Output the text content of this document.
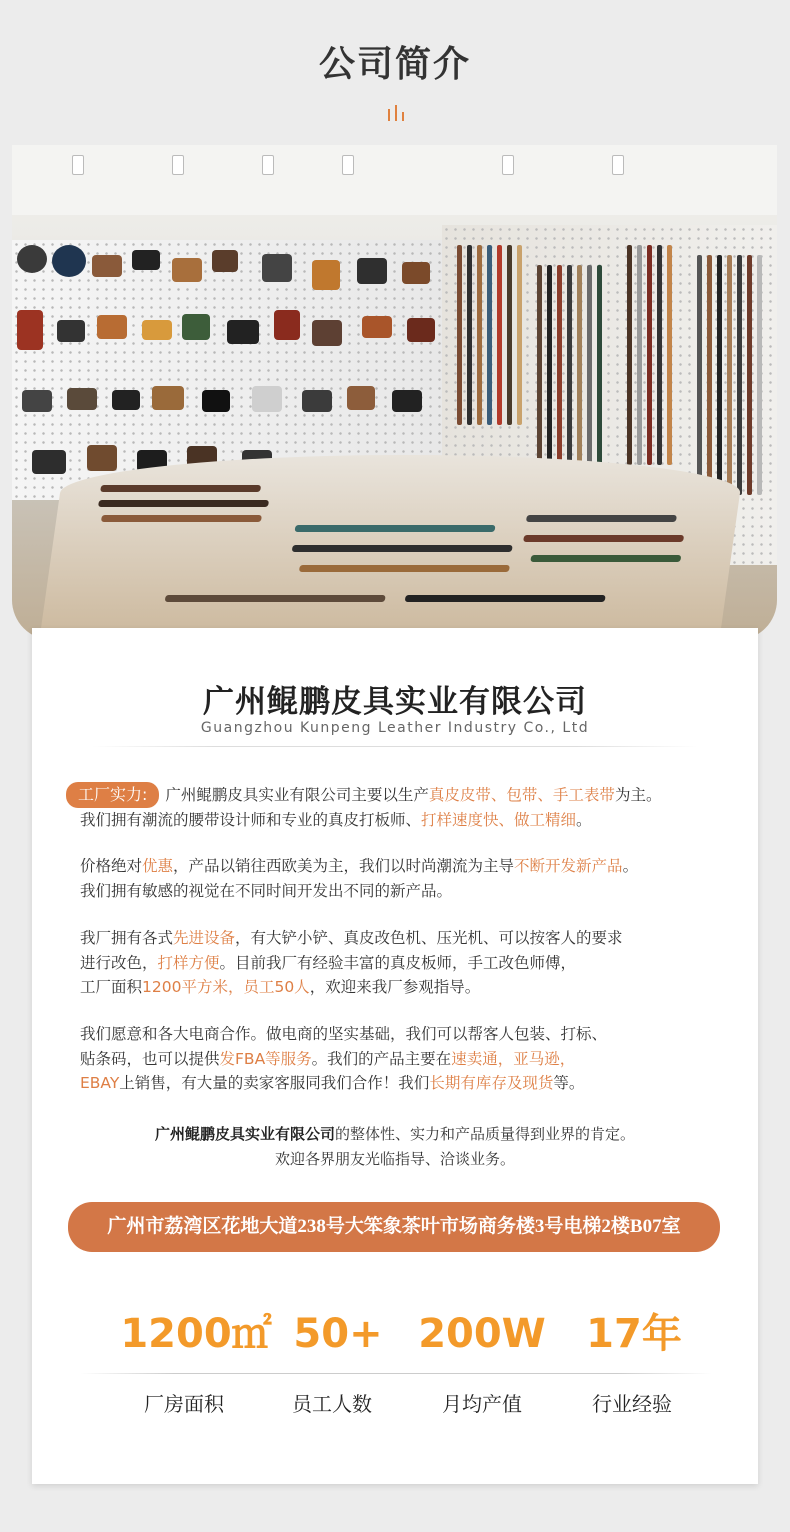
公司简介
广州鲲鹏皮具实业有限公司
Guangzhou Kunpeng Leather Industry Co., Ltd
工厂实力: 广州鲲鹏皮具实业有限公司主要以生产真皮皮带、包带、手工表带为主。
我们拥有潮流的腰带设计师和专业的真皮打板师、打样速度快、做工精细。
价格绝对优惠，产品以销往西欧美为主，我们以时尚潮流为主导不断开发新产品。
我们拥有敏感的视觉在不同时间开发出不同的新产品。
我厂拥有各式先进设备，有大铲小铲、真皮改色机、压光机、可以按客人的要求
进行改色，打样方便。目前我厂有经验丰富的真皮板师，手工改色师傅，
工厂面积1200平方米，员工50人，欢迎来我厂参观指导。
我们愿意和各大电商合作。做电商的坚实基础，我们可以帮客人包装、打标、
贴条码，也可以提供发FBA等服务。我们的产品主要在速卖通，亚马逊，
EBAY上销售，有大量的卖家客服同我们合作！我们长期有库存及现货等。
广州鲲鹏皮具实业有限公司的整体性、实力和产品质量得到业界的肯定。
欢迎各界朋友光临指导、洽谈业务。
广州市荔湾区花地大道238号大笨象茶叶市场商务楼3号电梯2楼B07室
1200㎡ 50+ 200W	17年
厂房面积	员工人数	月均产值	行业经验
